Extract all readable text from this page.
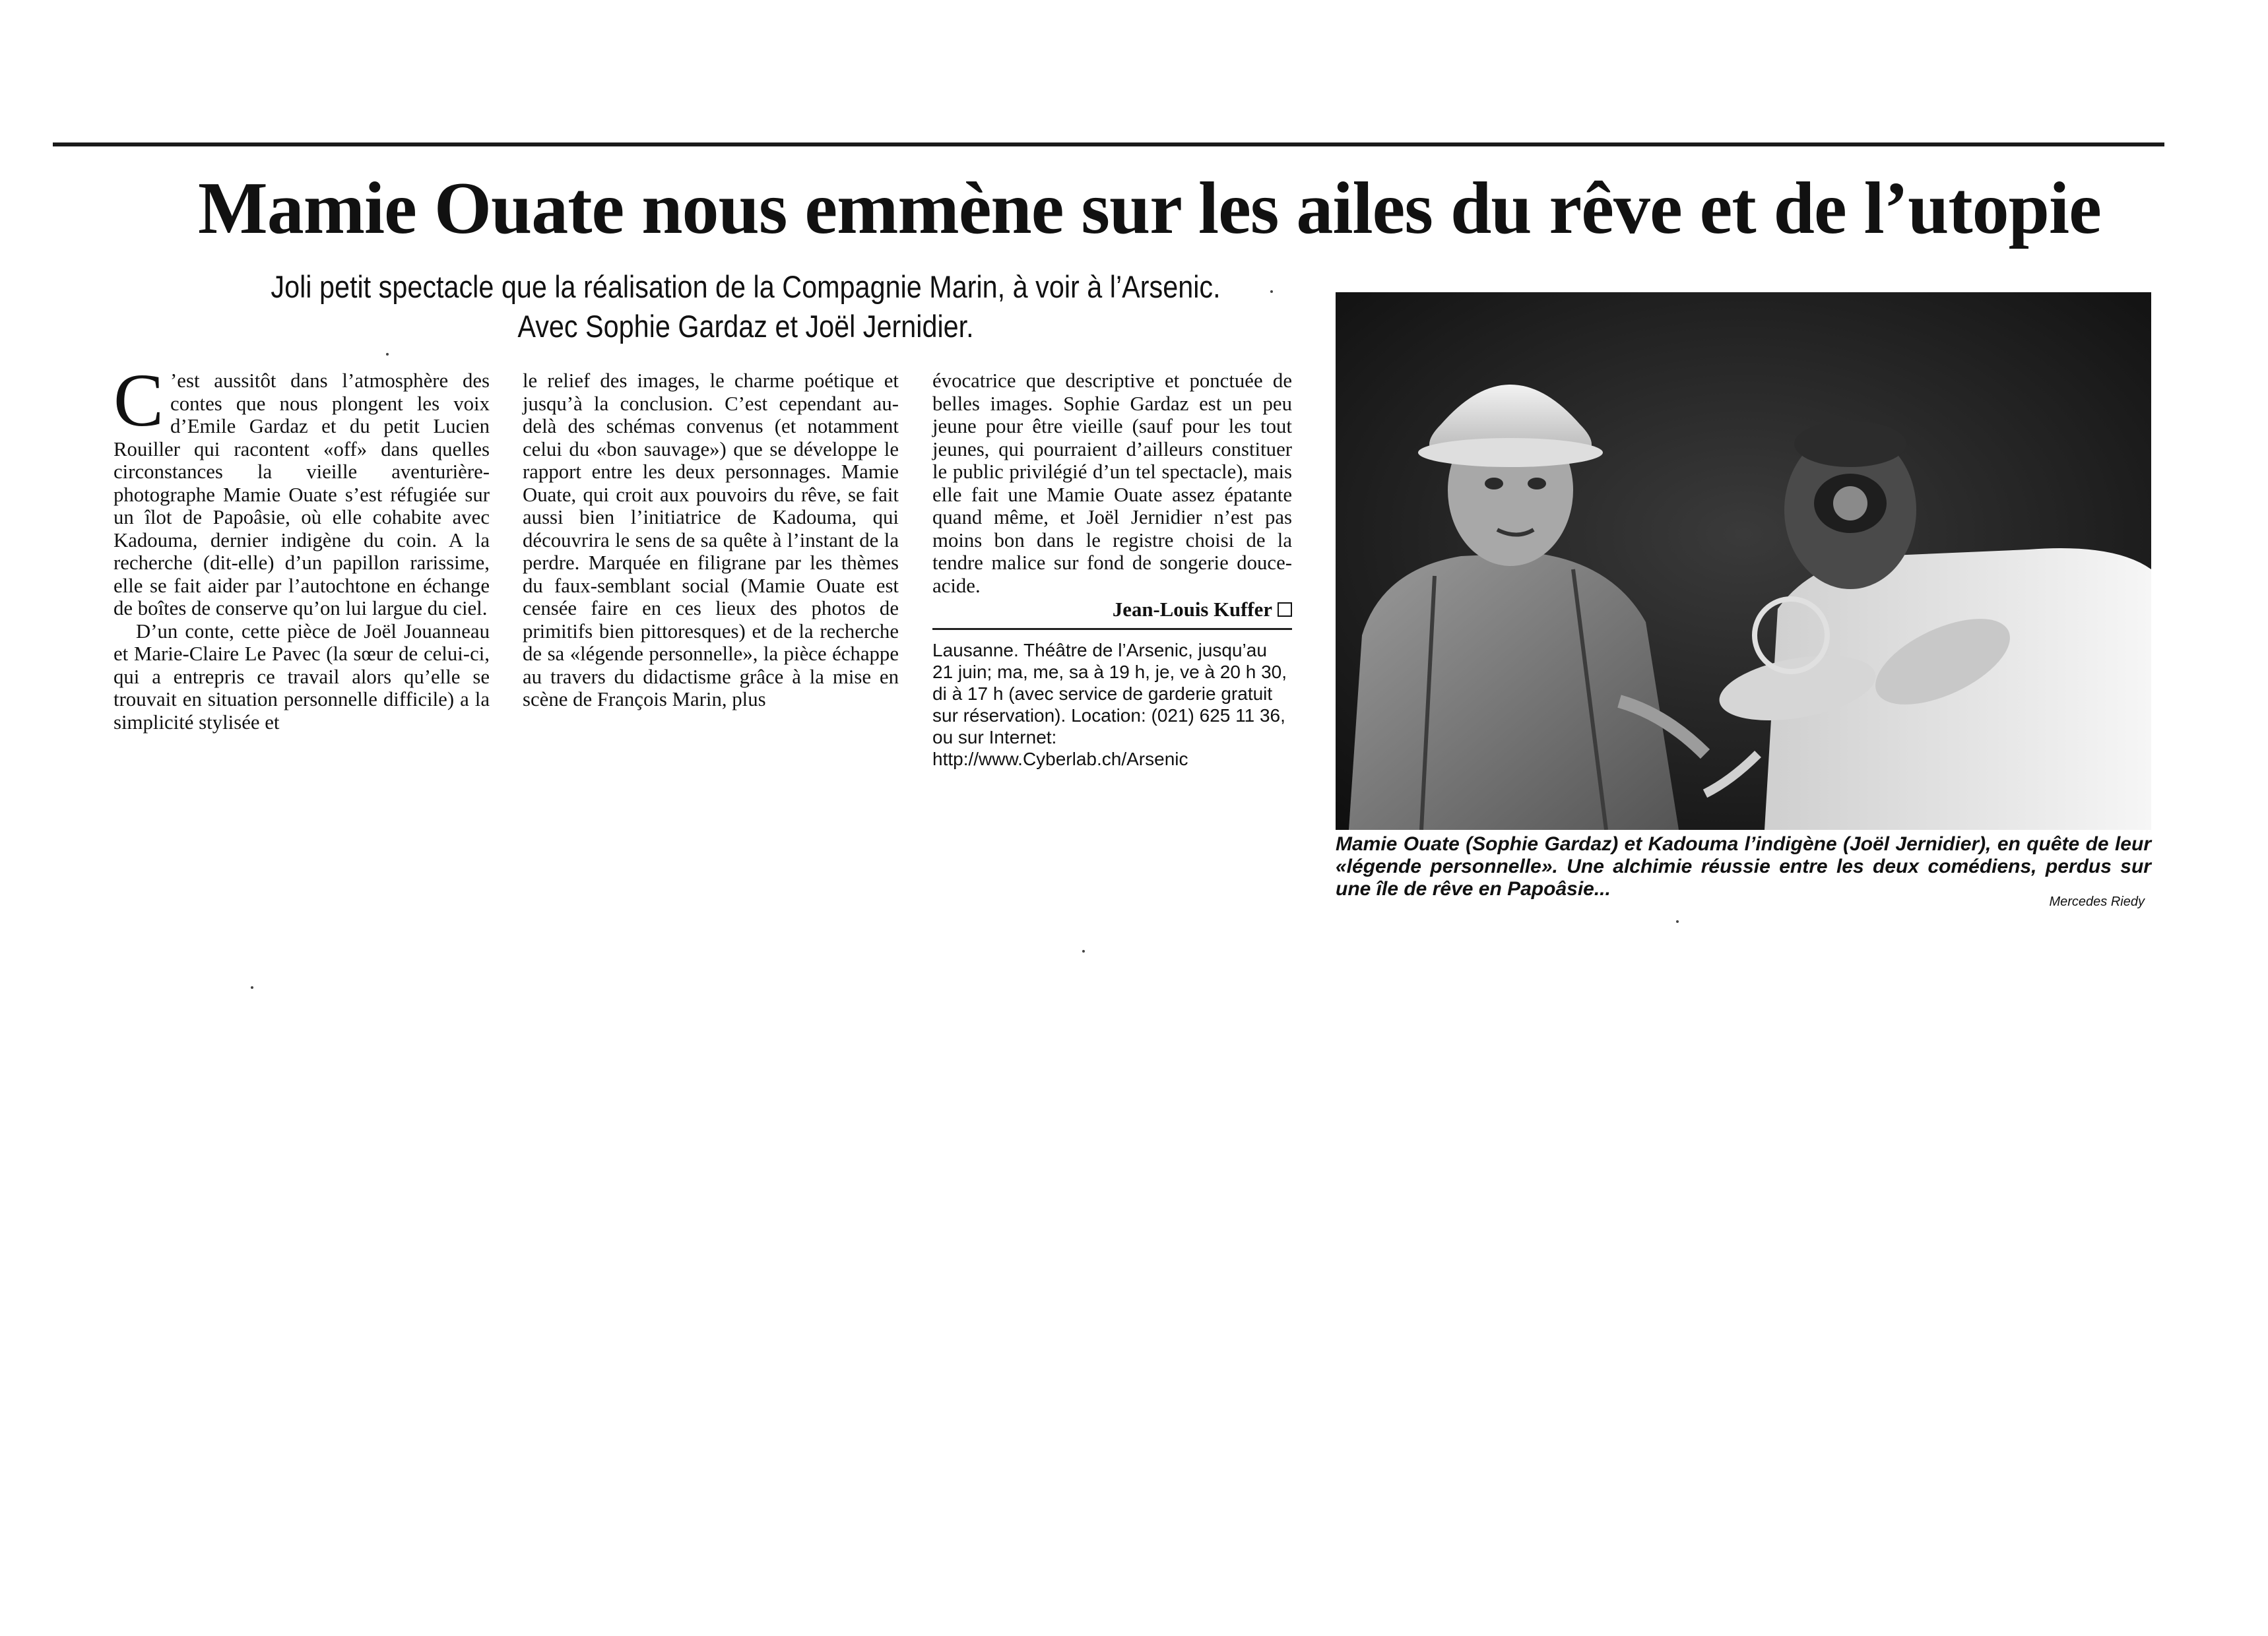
Mamie Ouate nous emmène sur les ailes du rêve et de l’utopie
Joli petit spectacle que la réalisation de la Compagnie Marin, à voir à l’Arsenic.
Avec Sophie Gardaz et Joël Jernidier.

C ’est aussitôt dans l’atmosphère des contes que nous plongent les voix d’Emile Gardaz et du petit Lucien Rouiller qui racontent «off» dans quelles circonstances la vieille aventurière-photographe Mamie Ouate s’est réfugiée sur un îlot de Papoâsie, où elle cohabite avec Kadouma, dernier indigène du coin. A la recherche (dit-elle) d’un papillon rarissime, elle se fait aider par l’autochtone en échange de boîtes de conserve qu’on lui largue du ciel.

D’un conte, cette pièce de Joël Jouanneau et Marie-Claire Le Pavec (la sœur de celui-ci, qui a entrepris ce travail alors qu’elle se trouvait en situation personnelle difficile) a la simplicité stylisée et

le relief des images, le charme poétique et jusqu’à la conclusion. C’est cependant au-delà des schémas convenus (et notamment celui du «bon sauvage») que se développe le rapport entre les deux personnages. Mamie Ouate, qui croit aux pouvoirs du rêve, se fait aussi bien l’initiatrice de Kadouma, qui découvrira le sens de sa quête à l’instant de la perdre. Marquée en filigrane par les thèmes du faux-semblant social (Mamie Ouate est censée faire en ces lieux des photos de primitifs bien pittoresques) et de la recherche de sa «légende personnelle», la pièce échappe au travers du didactisme grâce à la mise en scène de François Marin, plus

évocatrice que descriptive et ponctuée de belles images. Sophie Gardaz est un peu jeune pour être vieille (sauf pour les tout jeunes, qui pourraient d’ailleurs constituer le public privilégié d’un tel spectacle), mais elle fait une Mamie Ouate assez épatante quand même, et Joël Jernidier n’est pas moins bon dans le registre choisi de la tendre malice sur fond de songerie douce-acide.

Jean-Louis Kuffer
Lausanne. Théâtre de l’Arsenic, jusqu’au 21 juin; ma, me, sa à 19 h, je, ve à 20 h 30, di à 17 h (avec service de garderie gratuit sur réservation). Location: (021) 625 11 36, ou sur Internet:
http://www.Cyberlab.ch/Arsenic
Mamie Ouate (Sophie Gardaz) et Kadouma l’indigène (Joël Jernidier), en quête de leur «légende personnelle». Une alchimie réussie entre les deux comédiens, perdus sur une île de rêve en Papoâsie...
Mercedes Riedy
